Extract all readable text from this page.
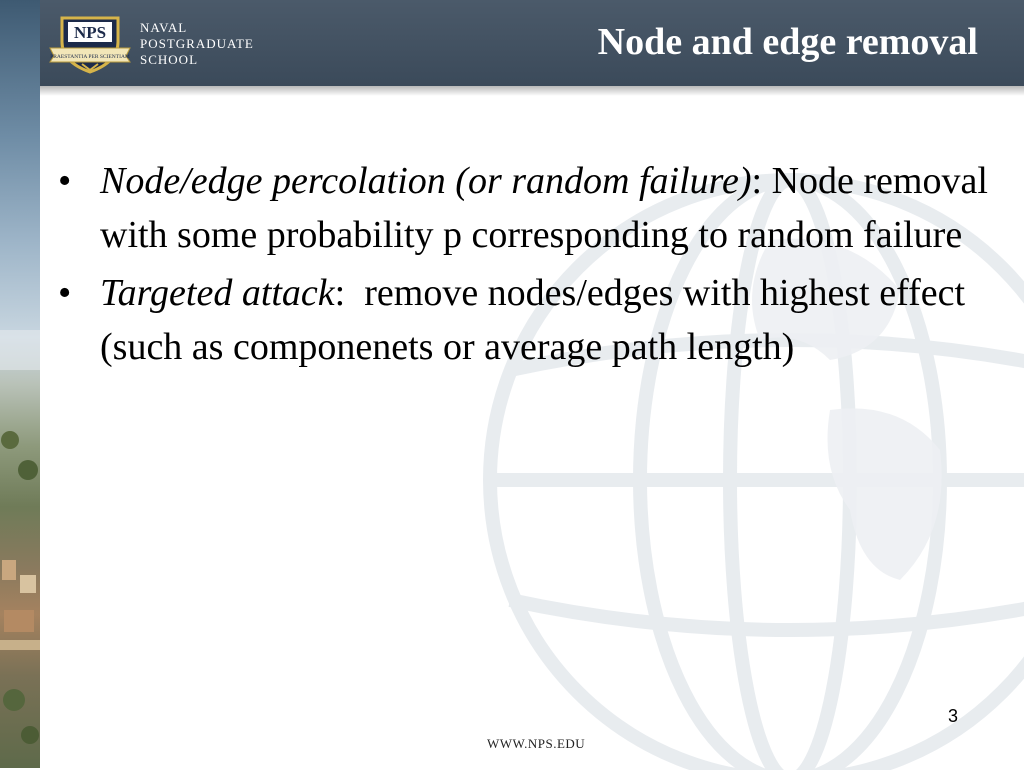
NPS
PRAESTANTIA PER SCIENTIAM
NAVAL
POSTGRADUATE
SCHOOL	Node and edge removal
• Node/edge percolation (or random failure): Node removal with some probability p corresponding to random failure
• Targeted attack: remove nodes/edges with highest effect (such as componenets or average path length)
3
WWW.NPS.EDU
